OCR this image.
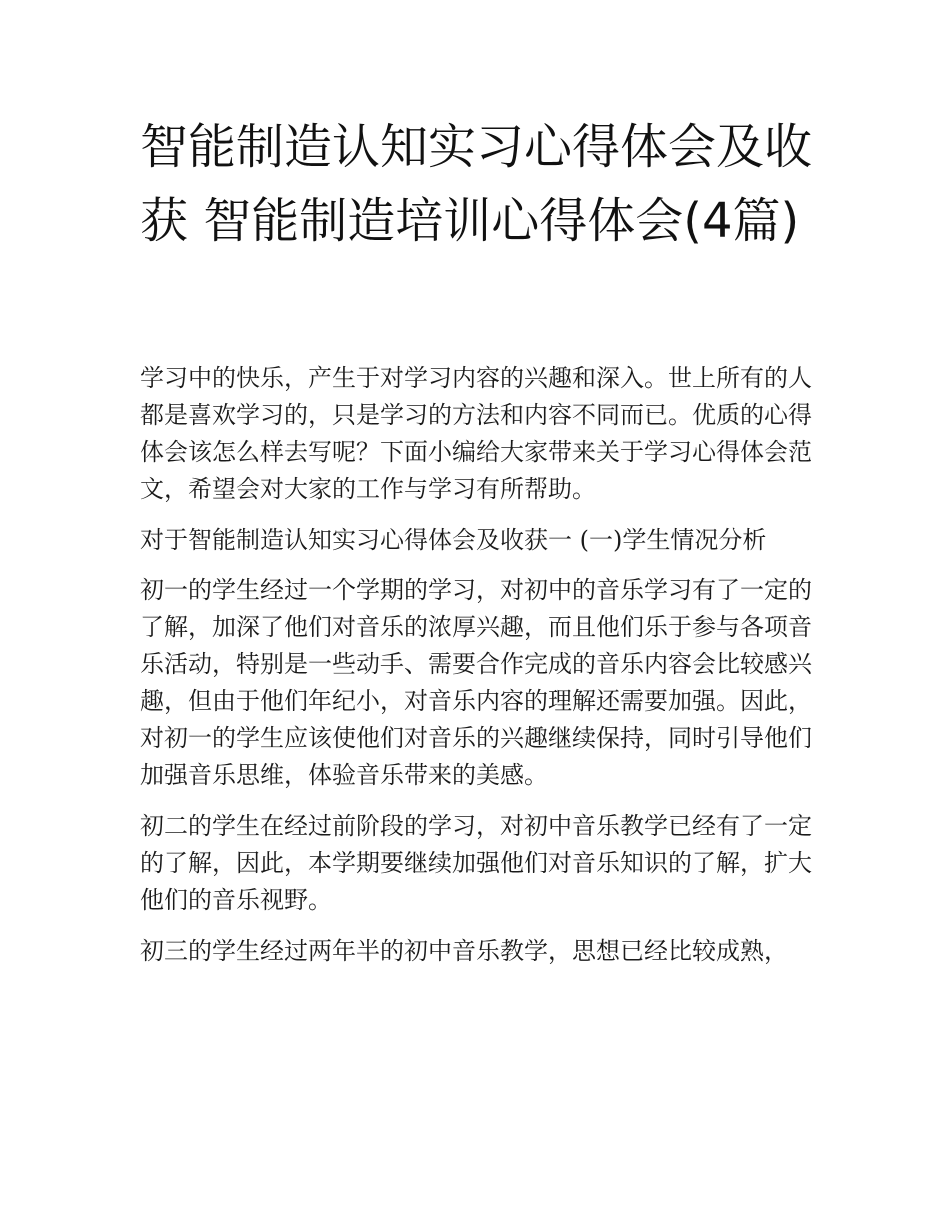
智能制造认知实习心得体会及收获 智能制造培训心得体会(4篇)

学习中的快乐，产生于对学习内容的兴趣和深入。世上所有的人都是喜欢学习的，只是学习的方法和内容不同而已。优质的心得体会该怎么样去写呢？下面小编给大家带来关于学习心得体会范文，希望会对大家的工作与学习有所帮助。

对于智能制造认知实习心得体会及收获一 (一)学生情况分析

初一的学生经过一个学期的学习，对初中的音乐学习有了一定的了解，加深了他们对音乐的浓厚兴趣，而且他们乐于参与各项音乐活动，特别是一些动手、需要合作完成的音乐内容会比较感兴趣，但由于他们年纪小，对音乐内容的理解还需要加强。因此，对初一的学生应该使他们对音乐的兴趣继续保持，同时引导他们加强音乐思维，体验音乐带来的美感。

初二的学生在经过前阶段的学习，对初中音乐教学已经有了一定的了解，因此，本学期要继续加强他们对音乐知识的了解，扩大他们的音乐视野。

初三的学生经过两年半的初中音乐教学，思想已经比较成熟，
